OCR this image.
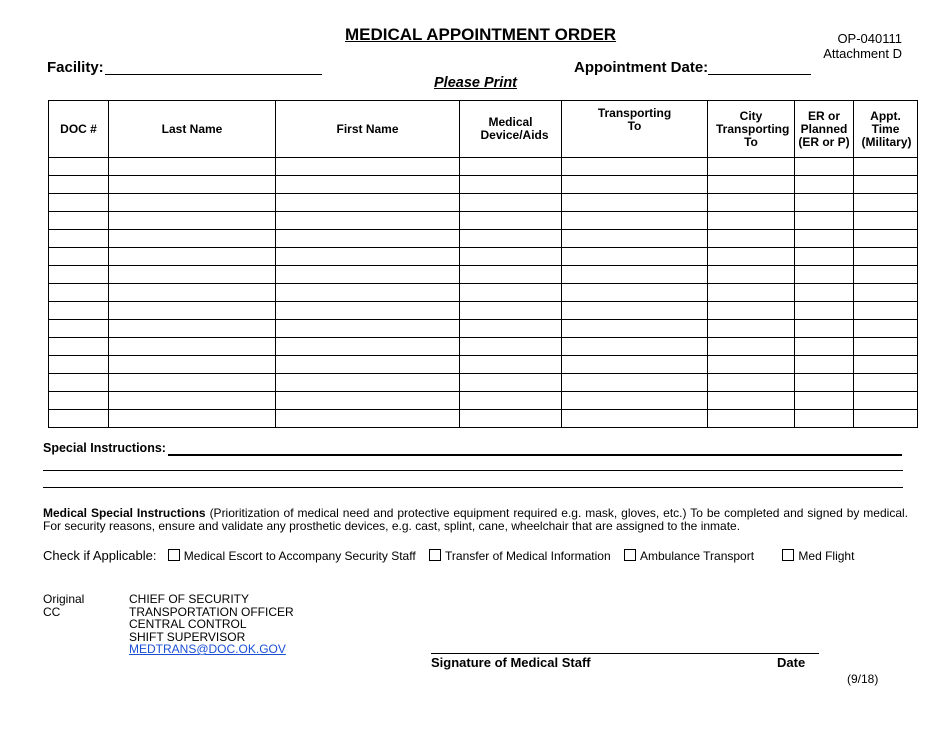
MEDICAL APPOINTMENT ORDER	OP-040111
Attachment D
Facility:	Appointment Date:
Please Print
DOC #	Last Name	First Name	Medical Device/Aids	Transporting To	City Transporting To	ER or Planned (ER or P)	Appt. Time (Military)

Special Instructions:
Medical Special Instructions (Prioritization of medical need and protective equipment required e.g. mask, gloves, etc.) To be completed and signed by medical. For security reasons, ensure and validate any prosthetic devices, e.g. cast, splint, cane, wheelchair that are assigned to the inmate.
Check if Applicable: Medical Escort to Accompany Security Staff Transfer of Medical Information Ambulance Transport	Med Flight
Original
CC
CHIEF OF SECURITY
TRANSPORTATION OFFICER
CENTRAL CONTROL
SHIFT SUPERVISOR
MEDTRANS@DOC.OK.GOV
Signature of Medical Staff	Date
(9/18)
